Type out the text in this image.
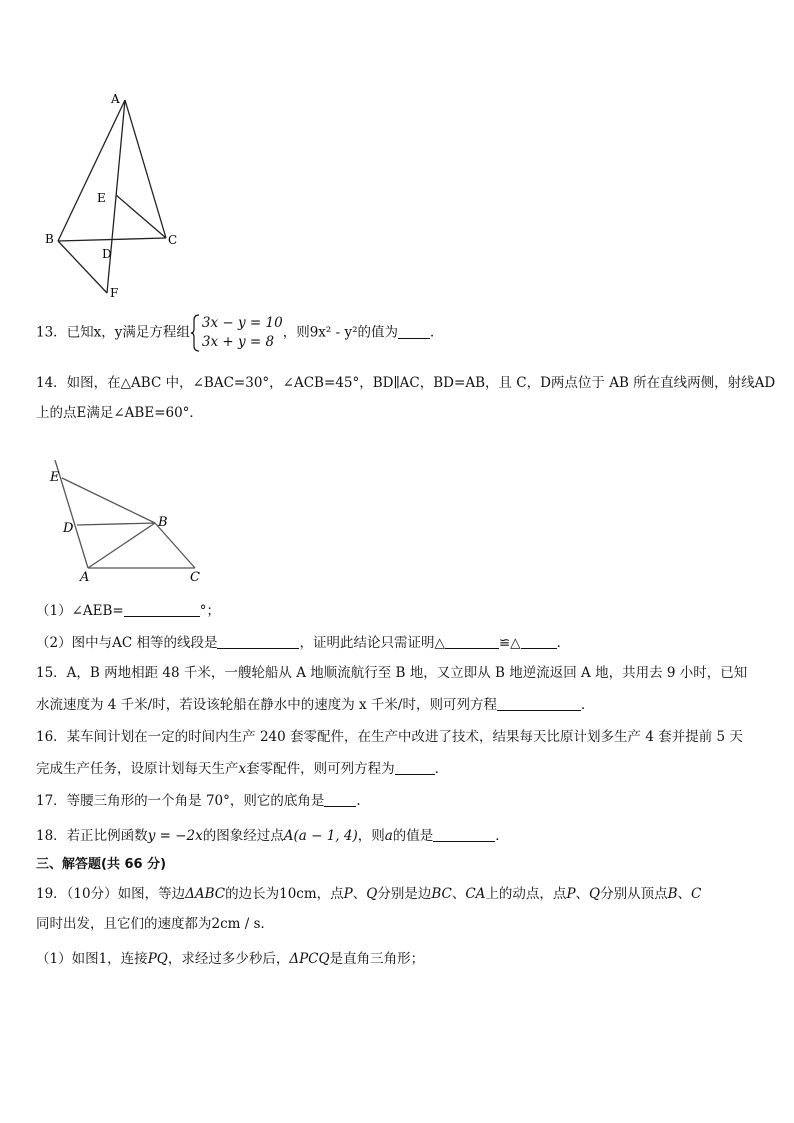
A
E
B	C
D
F
13．已知x，y满足方程组
3x − y = 10
3x + y = 8，则9x² - y²的值为 ．
14．如图，在△ABC 中，∠BAC=30°，∠ACB=45°，BD∥AC，BD=AB，且 C，D两点位于 AB 所在直线两侧，射线AD
上的点E满足∠ABE=60°．
E
D	B
A	C
（1）∠AEB=	°；
（2）图中与AC 相等的线段是	，证明此结论只需证明△	≌△	．
15．A，B 两地相距 48 千米，一艘轮船从 A 地顺流航行至 B 地，又立即从 B 地逆流返回 A 地，共用去 9 小时，已知
水流速度为 4 千米/时，若设该轮船在静水中的速度为 x 千米/时，则可列方程	．
16．某车间计划在一定的时间内生产 240 套零配件，在生产中改进了技术，结果每天比原计划多生产 4 套并提前 5 天
完成生产任务，设原计划每天生产x套零配件，则可列方程为	．
17．等腰三角形的一个角是 70°，则它的底角是 .
18．若正比例函数y = −2x的图象经过点A(a − 1, 4)，则a的值是	．
三、解答题(共 66 分)
19．（10分）如图，等边ΔABC的边长为10cm，点P、Q分别是边BC、CA上的动点，点P、Q分别从顶点B、C
同时出发，且它们的速度都为2cm / s．
（1）如图1，连接PQ，求经过多少秒后，ΔPCQ是直角三角形；
